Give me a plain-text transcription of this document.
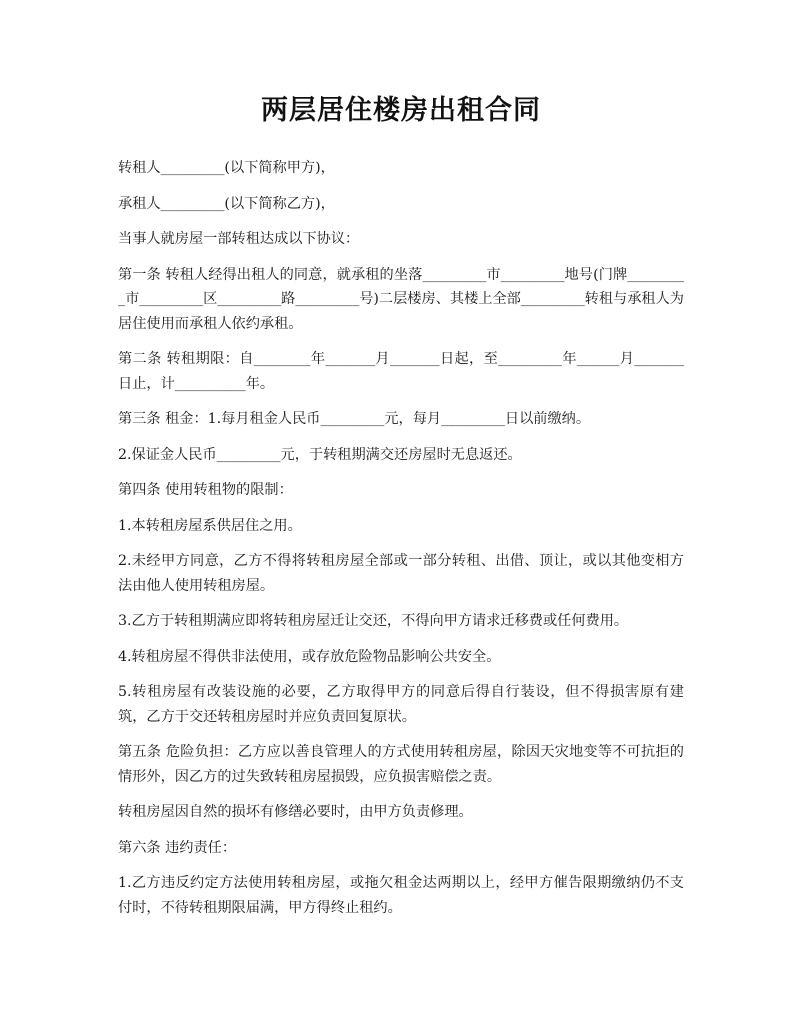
两层居住楼房出租合同

转租人_________(以下简称甲方)，

承租人_________(以下简称乙方)，

当事人就房屋一部转租达成以下协议：

第一条 转租人经得出租人的同意，就承租的坐落_________市_________地号(门牌_________市_________区_________路_________号)二层楼房、其楼上全部_________转租与承租人为居住使用而承租人依约承租。

第二条 转租期限：自________年_______月_______日起，至_________年______月_______日止，计__________年。

第三条 租金：1.每月租金人民币_________元，每月_________日以前缴纳。

2.保证金人民币_________元，于转租期满交还房屋时无息返还。

第四条 使用转租物的限制：

1.本转租房屋系供居住之用。

2.未经甲方同意，乙方不得将转租房屋全部或一部分转租、出借、顶让，或以其他变相方法由他人使用转租房屋。

3.乙方于转租期满应即将转租房屋迁让交还，不得向甲方请求迁移费或任何费用。

4.转租房屋不得供非法使用，或存放危险物品影响公共安全。

5.转租房屋有改装设施的必要，乙方取得甲方的同意后得自行装设，但不得损害原有建筑，乙方于交还转租房屋时并应负责回复原状。

第五条 危险负担：乙方应以善良管理人的方式使用转租房屋，除因天灾地变等不可抗拒的情形外，因乙方的过失致转租房屋损毁，应负损害赔偿之责。

转租房屋因自然的损坏有修缮必要时，由甲方负责修理。

第六条 违约责任：

1.乙方违反约定方法使用转租房屋，或拖欠租金达两期以上，经甲方催告限期缴纳仍不支付时，不待转租期限届满，甲方得终止租约。
